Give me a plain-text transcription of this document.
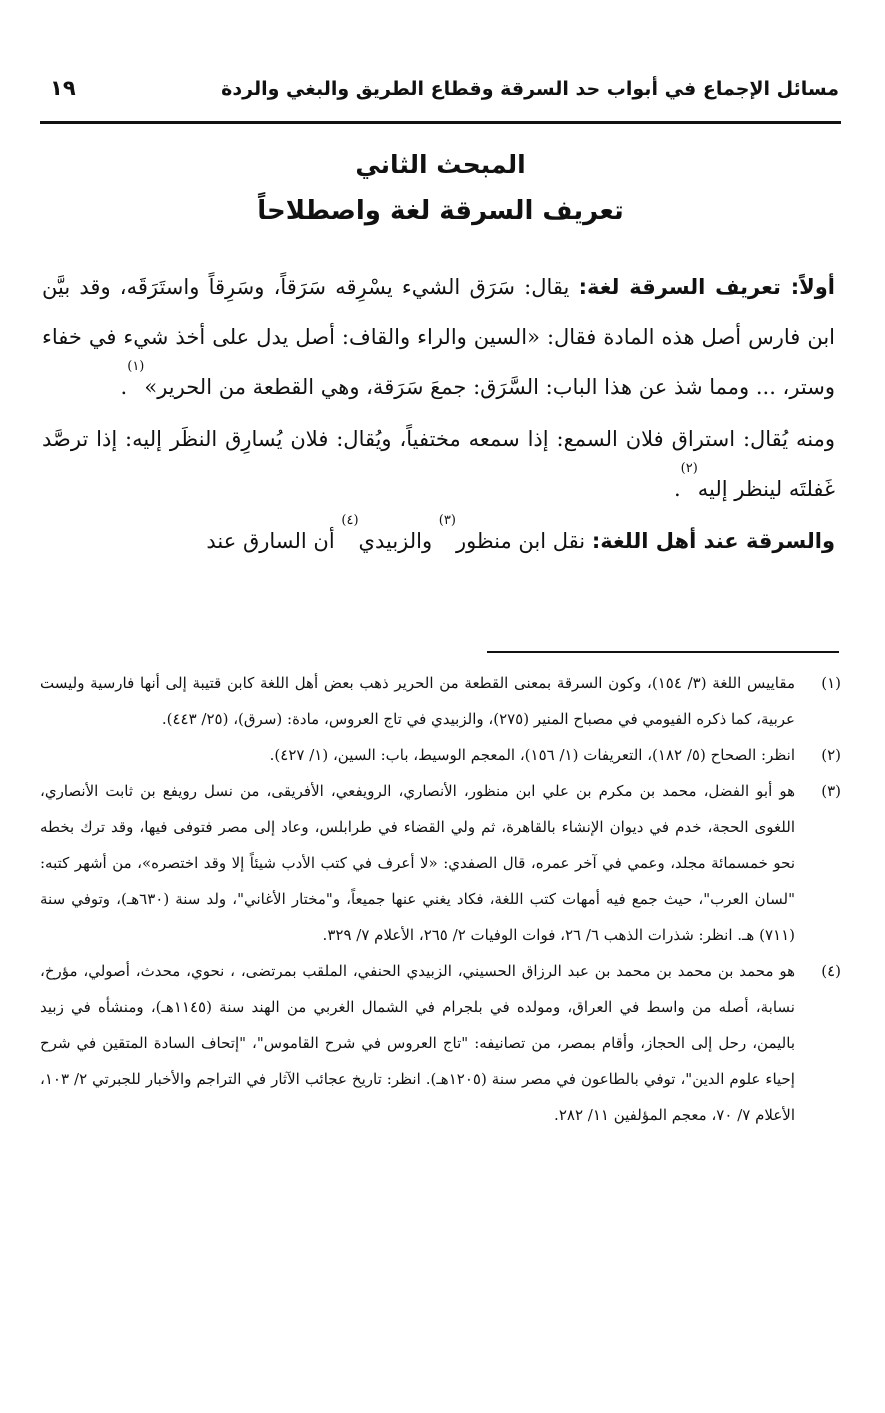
مسائل الإجماع في أبواب حد السرقة وقطاع الطريق والبغي والردة
١٩
المبحث الثاني
تعريف السرقة لغة واصطلاحاً

أولاً: تعريف السرقة لغة: يقال: سَرَق الشيء يسْرِقه سَرَقاً، وسَرِقاً واستَرَقَه، وقد بيَّن ابن فارس أصل هذه المادة فقال: «السين والراء والقاف: أصل يدل على أخذ شيء في خفاء وستر، ... ومما شذ عن هذا الباب: السَّرَق: جمعَ سَرَقة، وهي القطعة من الحرير»$^{(١)}$.

ومنه يُقال: استراق فلان السمع: إذا سمعه مختفياً، ويُقال: فلان يُسارِق النظَر إليه: إذا ترصَّد غَفلتَه لينظر إليه$^{(٢)}$.

والسرقة عند أهل اللغة: نقل ابن منظور$^{(٣)}$ والزبيدي$^{(٤)}$ أن السارق عند

(١)
مقاييس اللغة (٣/ ١٥٤)، وكون السرقة بمعنى القطعة من الحرير ذهب بعض أهل اللغة كابن قتيبة إلى أنها فارسية وليست عربية، كما ذكره الفيومي في مصباح المنير (٢٧٥)، والزبيدي في تاج العروس، مادة: (سرق)، (٢٥/ ٤٤٣).
(٢)
انظر: الصحاح (٥/ ١٨٢)، التعريفات (١/ ١٥٦)، المعجم الوسيط، باب: السين، (١/ ٤٢٧).
(٣)
هو أبو الفضل، محمد بن مكرم بن علي ابن منظور، الأنصاري، الرويفعي، الأفريقى، من نسل رويفع بن ثابت الأنصاري، اللغوى الحجة، خدم في ديوان الإنشاء بالقاهرة، ثم ولي القضاء في طرابلس، وعاد إلى مصر فتوفى فيها، وقد ترك بخطه نحو خمسمائة مجلد، وعمي في آخر عمره، قال الصفدي: «لا أعرف في كتب الأدب شيئاً إلا وقد اختصره»، من أشهر كتبه: "لسان العرب"، حيث جمع فيه أمهات كتب اللغة، فكاد يغني عنها جميعاً، و"مختار الأغاني"، ولد سنة (٦٣٠هـ)، وتوفي سنة (٧١١) هـ. انظر: شذرات الذهب ٦/ ٢٦، فوات الوفيات ٢/ ٢٦٥، الأعلام ٧/ ٣٢٩.
(٤)
هو محمد بن محمد بن محمد بن عبد الرزاق الحسيني، الزبيدي الحنفي، الملقب بمرتضى، ، نحوي، محدث، أصولي، مؤرخ، نسابة، أصله من واسط في العراق، ومولده في بلجرام في الشمال الغربي من الهند سنة (١١٤٥هـ)، ومنشأه في زبيد باليمن، رحل إلى الحجاز، وأقام بمصر، من تصانيفه: "تاج العروس في شرح القاموس"، "إتحاف السادة المتقين في شرح إحياء علوم الدين"، توفي بالطاعون في مصر سنة (١٢٠٥هـ). انظر: تاريخ عجائب الآثار في التراجم والأخبار للجبرتي ٢/ ١٠٣، الأعلام ٧/ ٧٠، معجم المؤلفين ١١/ ٢٨٢.
